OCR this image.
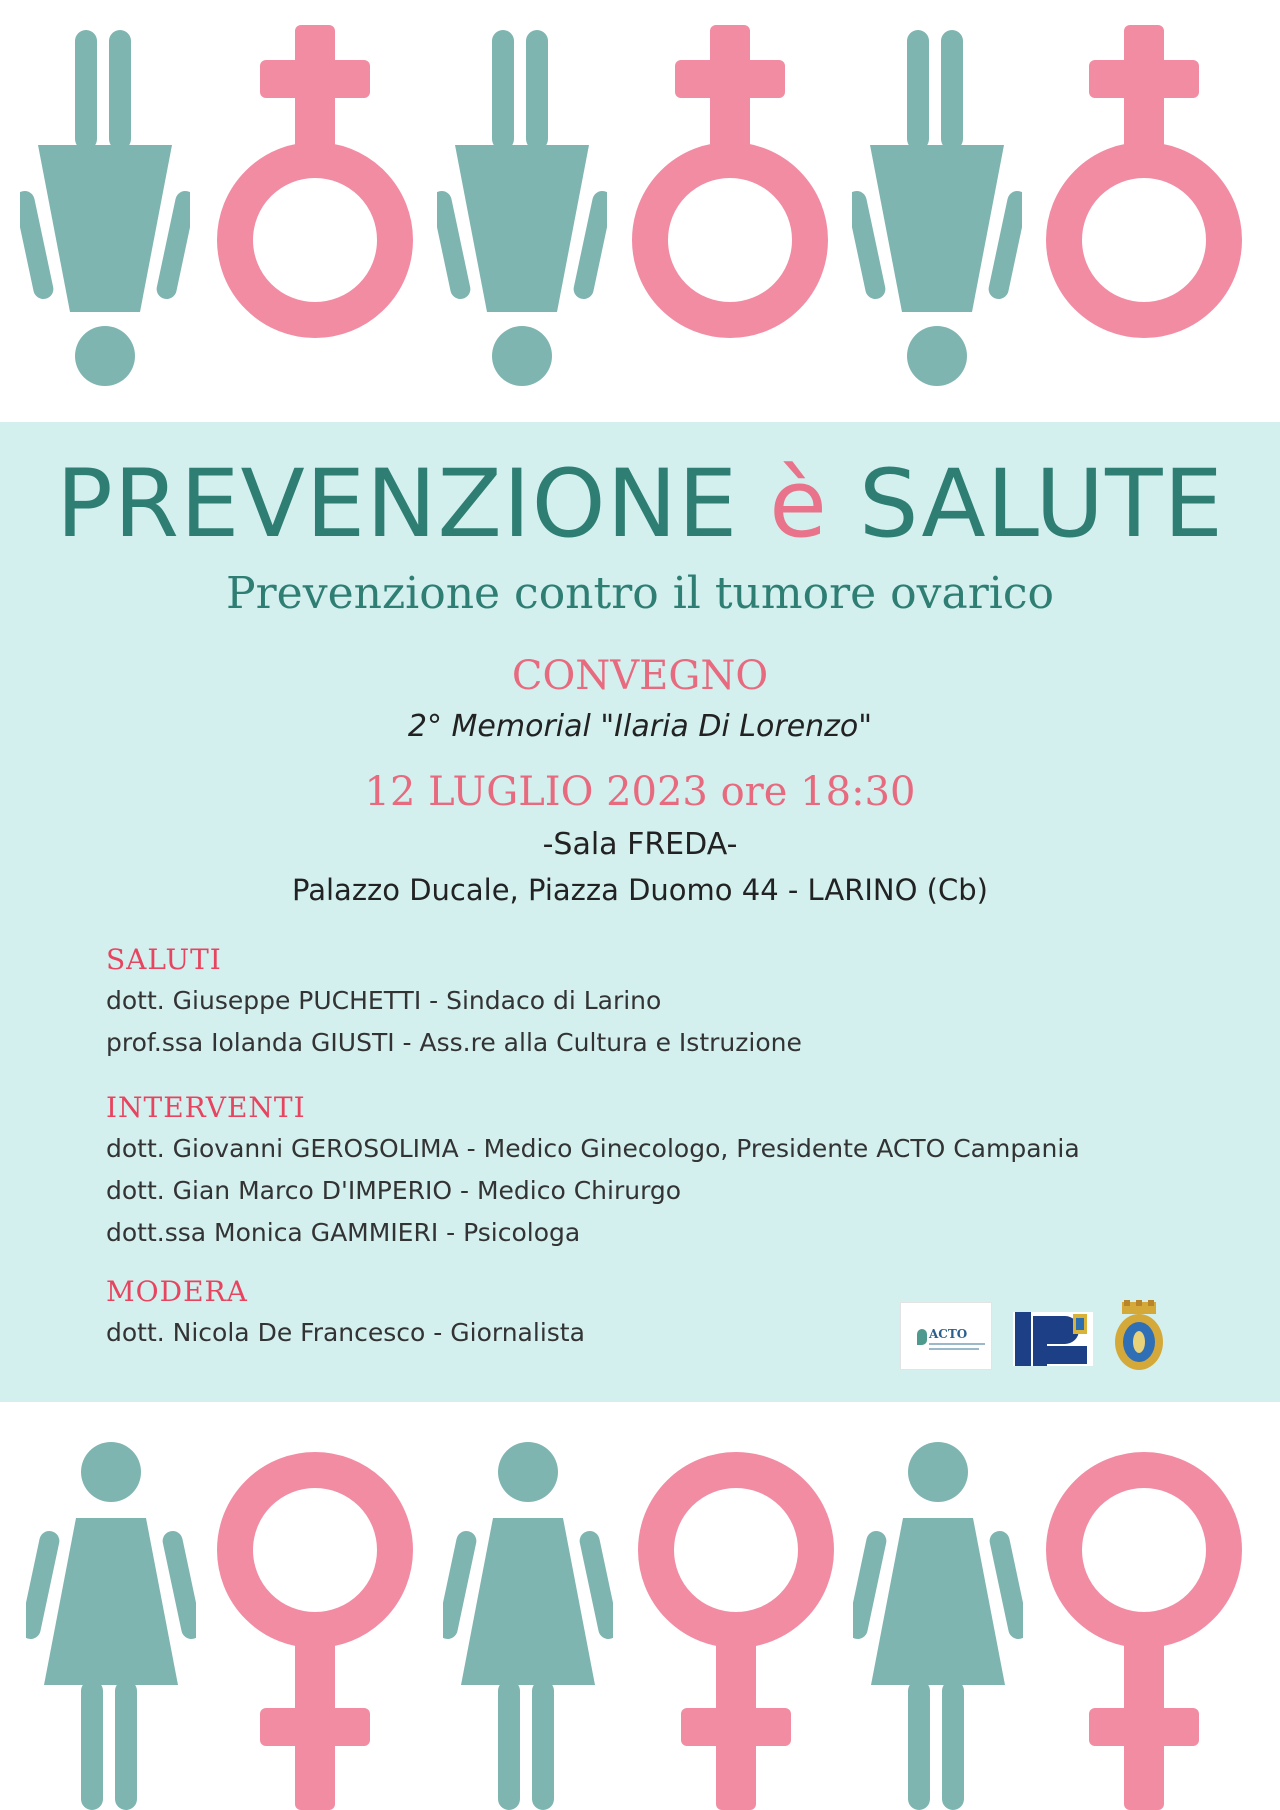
PREVENZIONE è SALUTE
Prevenzione contro il tumore ovarico
CONVEGNO
2° Memorial "Ilaria Di Lorenzo"
12 LUGLIO 2023 ore 18:30
-Sala FREDA-
Palazzo Ducale, Piazza Duomo 44 - LARINO (Cb)
SALUTI
dott. Giuseppe PUCHETTI - Sindaco di Larino
prof.ssa Iolanda GIUSTI - Ass.re alla Cultura e Istruzione
INTERVENTI
dott. Giovanni GEROSOLIMA - Medico Ginecologo, Presidente ACTO Campania
dott. Gian Marco D'IMPERIO - Medico Chirurgo
dott.ssa Monica GAMMIERI - Psicologa
MODERA
dott. Nicola De Francesco - Giornalista	ACTO
